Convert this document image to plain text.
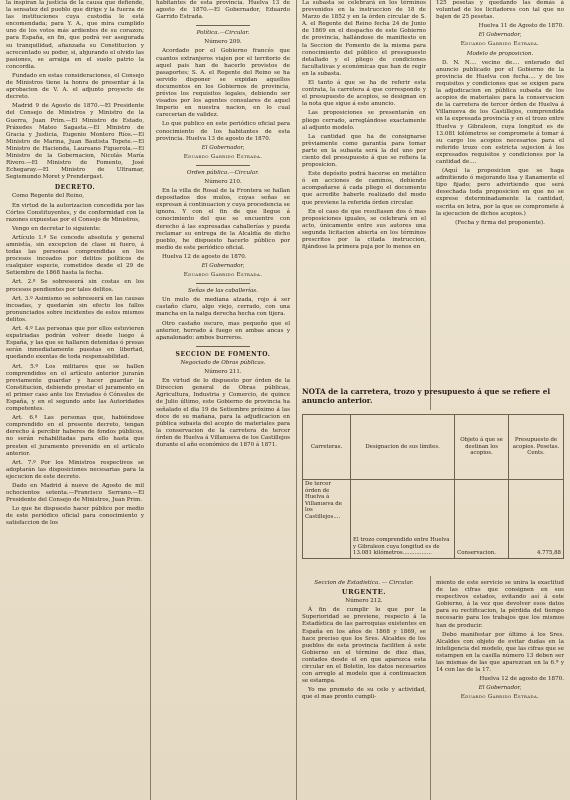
la inspiran la justicia de la causa que defiende, la sensatez del pueblo que dirige y la fuerza de las instituciones cuya custodia le está encomendada; para Y. A., que mira cumplido uno de los votos más ardientes de su corazon; para España, en fin, que podrá ver asegurada su tranquilidad, afianzada su Constitucion y acrecentado su poder, si, abjurando el olvido las pasiones, se arraiga en el suelo patrio la concordia.

Fundado en estas consideraciones, el Consejo de Ministros tiene la honra de presentar á la aprobacion de V. A. el adjunto proyecto de decreto.

Madrid 9 de Agosto de 1870.—El Presidente del Consejo de Ministros y Ministro de la Guerra, Juan Prim.—El Ministro de Estado, Práxedes Mateo Sagasta.—El Ministro de Gracia y Justicia, Eugenio Montero Ríos.—El Ministro de Marina, Juan Bautista Topete.—El Ministro de Hacienda, Laureano Figuerola.—El Ministro de la Gobernacion, Nicolás María Rivero.—El Ministro de Fomento, José Echegaray.—El Ministro de Ultramar, Segismundo Moret y Prendergast.

DECRETO.

Como Regente del Reino,

En virtud de la autorizacion concedida por las Córtes Constituyentes, y de conformidad con la razones expuestas por el Consejo de Ministros,

Vengo en decretar lo siguiente:

Artículo 1.º Se concede absoluta y general amnistía, sin excepcion de clase ni fuero, á todas las personas comprendidas en los procesos incoados por delitos políticos de cualquier especie, cometidos desde el 29 de Setiembre de 1868 hasta la fecha.

Art. 2.º Se sobreseerá sin costas en los procesos pendientes por tales delitos.

Art. 3.º Asimismo se sobreseerá en las causas incoadas, y quedarán sin efecto los fallos pronunciados sobre incidentes de estos mismos delitos.

Art. 4.º Las personas que por ellos estuvieren expatriadas podrán volver desde luego á España, y las que se hallaren detenidas ó presas serán inmediatamente puestas en libertad, quedando exentas de toda responsabilidad.

Art. 5.º Los militares que se hallen comprendidos en el artículo anterior jurarán previamente guardar y hacer guardar la Constitucion, debiendo prestar el juramento en el primer caso ante los Enviados ó Cónsules de España, y en el segundo ante las Autoridades competentes.

Art. 6.º Las personas que, habiéndose comprendido en el presente decreto, tengan derecho á percibir haberes de fondos públicos, no serán rehabilitadas para ello hasta que presten el juramento prevenido en el artículo anterior.

Art. 7.º Por los Ministros respectivos se adoptarán las disposiciones necesarias para la ejecucion de este decreto.

Dado en Madrid á nueve de Agosto de mil ochocientos setenta.—Francisco Serrano.—El Presidente del Consejo de Ministros, Juan Prim.

Lo que he dispuesto hacer público por medio de este periódico oficial para conocimiento y satisfaccion de los

habitantes de esta provincia. Huelva 13 de agosto de 1870.—El Gobernador, Eduardo Garrido Estrada.

Política.—Circular.

Número 209.

Acordado por el Gobierno francés que cuantos extranjeros viajen por el territorio de aquel pais han de hacerlo provistos de pasaportes; S. A. el Regente del Reino se ha servido disponer se expidan aquellos documentos en los Gobiernos de provincia, prévios los requisitos legales, debiendo ser visados por los agentes consulares de aquel Imperio en nuestra nacion, en lo cual carecerian de validez.

Lo que publico en este periódico oficial para conocimiento de los habitantes de esta provincia. Huelva 13 de agosto de 1870.

El Gobernador,

Eduardo Garrido Estrada.

Orden pública.—Circular.

Número 210.

En la villa de Rosal de la Frontera se hallan depositados dos mulos, cuyas señas se expresan á continuacion y cuya procedencia se ignora. Y con el fin de que llegue á conocimiento del que se encuentre con derecho á las expresadas caballerías y pueda reclamar su entrega de la Alcaldía de dicho pueblo, he dispuesto hacerlo público por medio de este periódico oficial.

Huelva 12 de agosto de 1870.

El Gobernador,

Eduardo Garrido Estrada.

Señas de las caballerías.

Un mulo de mediana alzada, rojo á ser castaño claro, algo viejo, cerrado, con una mancha en la nalga derecha hecha con tijera.

Otro castaño oscuro, mas pequeño que el anterior, herrado á fuego en ambas ancas y apanalonado: ambos burreros.

SECCION DE FOMENTO.

Negociado de Obras públicas.

Número 211.

En virtud de lo dispuesto por órden de la Direccion general de Obras públicas, Agricultura, Industria y Comercio, de quince de Julio último, este Gobierno de provincia ha señalado el dia 19 de Setiembre próximo á las doce de su mañana, para la adjudicacion en pública subasta del acopio de materiales para la conservacion de la carretera de tercer órden de Huelva á Villanueva de los Castillejos durante el año económico de 1870 á 1871.

La subasta se celebrará en los términos prevenidos en la instruccion de 18 de Marzo de 1852 y en la órden circular de S. A. el Regente del Reino fecha 24 de Junio de 1869 en el despacho de este Gobierno de provincia, hallándose de manifiesto en la Seccion de Fomento de la misma para conocimiento del público el presupuesto detallado y el pliego de condiciones facultativas y económicas que han de regir en la subasta.

El tanto á que se ha de referir esta contrata, la carretera á que corresponde y el presupuesto de acopios, se designan en la nota que sigue á este anuncio.

Las proposiciones se presentarán en pliego cerrado, arreglándose exactamente al adjunto modelo.

La cantidad que ha de consignarse prèviamente como garantía para tomar parte en la subasta será la del uno por ciento del presupuesto á que se refiera la proposicion.

Este depósito podrá hacerse en metálico ó en acciones de caminos, debiendo acompañarse á cada pliego el documento que acredite haberle realizado del modo que previene la referida órden circular.

En el caso de que resultasen dos ó mas proposiciones iguales, se celebrará en el acto, únicamente entre sus autores una segunda licitacion abierta en los términos prescritos por la citada instruccion, fijándose la primera puja por lo menos en

125 pesetas y quedando las demás á voluntad de los licitadores con tal que no bajen de 25 pesetas.

Huelva 11 de Agosto de 1870.

El Gobernador,

Eduardo Garrido Estrada.

Modelo de proposicion.

D. N. N.... vecino de.... enterado del anuncio publicado por el Gobierno de la provincia de Huelva con fecha.... y de los requisitos y condiciones que se exigen para la adjudicacion en pública subasta de los acopios de materiales para la conservacion de la carretera de tercer órden de Huelva á Villanueva de los Castillejos, comprendida en la expresada provincia y en el trozo entre Huelva y Gibraleon, cuya longitud es de 13.081 kilómetros se compromete á tomar á su cargo los acopios necesarios para el referido trozo con estricta sujecion á los expresados requisitos y condiciones por la cantidad de....

(Aquí la proposicion que se haga admitiendo ó mejorando lisa y llanamente el tipo fijado; pero advirtiendo que será desechada toda proposicion en que no se exprese determinadamente la cantidad, escrita en letra, por la que se compromete á la ejecucion de dichos acopios.)

(Fecha y firma del proponente).

NOTA de la carretera, trozo y presupuesto á que se refiere el anuncio anterior.
Carreteras.	Designacion de sus límites.	Objeto á que se destinan los acopios.	Presupuesto de acopios. Pesetas. Cents.
De tercer órden de Huelva á Villanueva de los Castillejos....	El trozo comprendido entre Huelva y Gibraleon cuya longitud es de 13.081 kilómetros.................	Conservacion.	4.775,88

Seccion de Estadística. — Circular.

URGENTE.

Número 212.

Á fin de cumplir lo que por la Superioridad se previene, respecto á la Estadística de las parroquias existentes en España en los años de 1868 y 1869, se hace preciso que los Sres. Alcaldes de los pueblos de esta provincia faciliten á este Gobierno en el término de diez dias, contados desde el en que aparezca esta circular en el Boletin, los datos necesarios con arreglo al modelo que á continuacion se estampa.

Yo me prometo de su celo y actividad, que el mas pronto cumpli-

miento de este servicio se unira la exactitud de las cifras que consignen en sus respectivos estados, evitando así á este Gobierno, á la vez que devolver esos datos para su rectificacion, la pérdida del tiempo necesario para los trabajos que los mismos han de producir.

Debo manifestar por último á los Sres. Alcaldes con objeto de evitar dudas en la inteligencia del modelo, que las cifras que se estampen en la casilla número 13 deben ser las mismas de las que aparezcan en la 6.ª y 14 con las de la 17.

Huelva 12 de agosto de 1870.

El Gobernador,

Eduardo Garrido Estrada.
